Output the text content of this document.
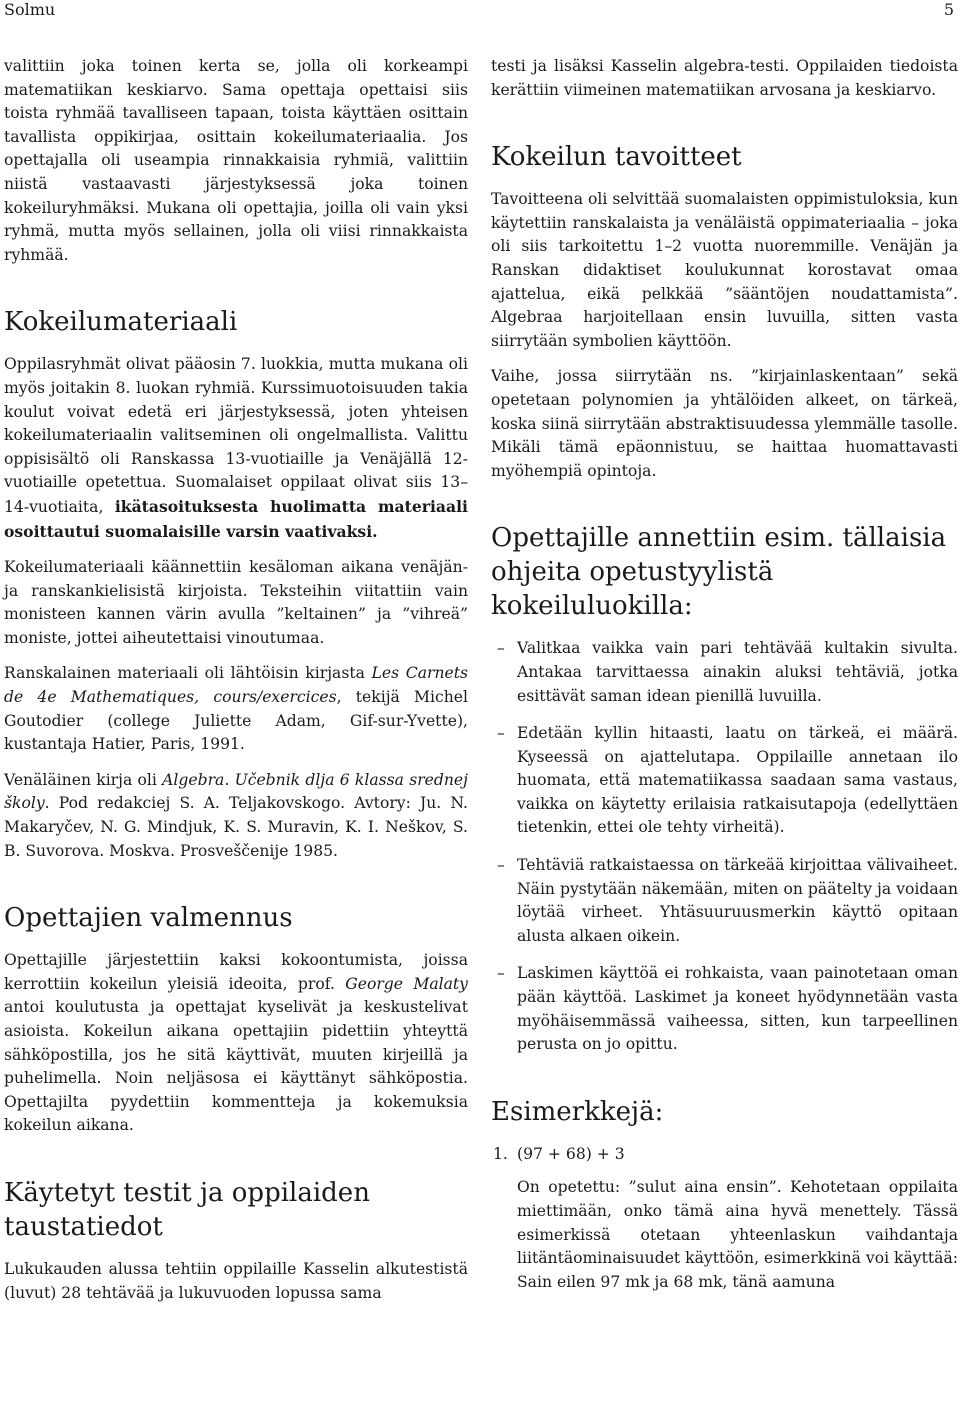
Solmu	5

valittiin joka toinen kerta se, jolla oli korkeampi matematiikan keskiarvo. Sama opettaja opettaisi siis toista ryhmää tavalliseen tapaan, toista käyttäen osittain tavallista oppikirjaa, osittain kokeilumateriaalia. Jos opettajalla oli useampia rinnakkaisia ryhmiä, valittiin niistä vastaavasti järjestyksessä joka toinen kokeiluryhmäksi. Mukana oli opettajia, joilla oli vain yksi ryhmä, mutta myös sellainen, jolla oli viisi rinnakkaista ryhmää.

Kokeilumateriaali

Oppilasryhmät olivat pääosin 7. luokkia, mutta mukana oli myös joitakin 8. luokan ryhmiä. Kurssimuotoisuuden takia koulut voivat edetä eri järjestyksessä, joten yhteisen kokeilumateriaalin valitseminen oli ongelmallista. Valittu oppisisältö oli Ranskassa 13-vuotiaille ja Venäjällä 12-vuotiaille opetettua. Suomalaiset oppilaat olivat siis 13–14-vuotiaita, ikätasoituksesta huolimatta materiaali osoittautui suomalaisille varsin vaativaksi.

Kokeilumateriaali käännettiin kesäloman aikana venäjän- ja ranskankielisistä kirjoista. Teksteihin viitattiin vain monisteen kannen värin avulla ”keltainen” ja ”vihreä” moniste, jottei aiheutettaisi vinoutumaa.

Ranskalainen materiaali oli lähtöisin kirjasta Les Carnets de 4e Mathematiques, cours/exercices, tekijä Michel Goutodier (college Juliette Adam, Gif-sur-Yvette), kustantaja Hatier, Paris, 1991.

Venäläinen kirja oli Algebra. Učebnik dlja 6 klassa srednej školy. Pod redakciej S. A. Teljakovskogo. Avtory: Ju. N. Makaryčev, N. G. Mindjuk, K. S. Muravin, K. I. Neškov, S. B. Suvorova. Moskva. Prosveščenije 1985.

Opettajien valmennus

Opettajille järjestettiin kaksi kokoontumista, joissa kerrottiin kokeilun yleisiä ideoita, prof. George Malaty antoi koulutusta ja opettajat kyselivät ja keskustelivat asioista. Kokeilun aikana opettajiin pidettiin yhteyttä sähköpostilla, jos he sitä käyttivät, muuten kirjeillä ja puhelimella. Noin neljäsosa ei käyttänyt sähköpostia. Opettajilta pyydettiin kommentteja ja kokemuksia kokeilun aikana.

Käytetyt testit ja oppilaiden taustatiedot

Lukukauden alussa tehtiin oppilaille Kasselin alkutestistä (luvut) 28 tehtävää ja lukuvuoden lopussa sama

testi ja lisäksi Kasselin algebra-testi. Oppilaiden tiedoista kerättiin viimeinen matematiikan arvosana ja keskiarvo.

Kokeilun tavoitteet

Tavoitteena oli selvittää suomalaisten oppimistuloksia, kun käytettiin ranskalaista ja venäläistä oppimateriaalia – joka oli siis tarkoitettu 1–2 vuotta nuoremmille. Venäjän ja Ranskan didaktiset koulukunnat korostavat omaa ajattelua, eikä pelkkää ”sääntöjen noudattamista”. Algebraa harjoitellaan ensin luvuilla, sitten vasta siirrytään symbolien käyttöön.

Vaihe, jossa siirrytään ns. ”kirjainlaskentaan” sekä opetetaan polynomien ja yhtälöiden alkeet, on tärkeä, koska siinä siirrytään abstraktisuudessa ylemmälle tasolle. Mikäli tämä epäonnistuu, se haittaa huomattavasti myöhempiä opintoja.

Opettajille annettiin esim. tällaisia ohjeita opetustyylistä kokeiluluokilla:
– Valitkaa vaikka vain pari tehtävää kultakin sivulta. Antakaa tarvittaessa ainakin aluksi tehtäviä, jotka esittävät saman idean pienillä luvuilla.
– Edetään kyllin hitaasti, laatu on tärkeä, ei määrä. Kyseessä on ajattelutapa. Oppilaille annetaan ilo huomata, että matematiikassa saadaan sama vastaus, vaikka on käytetty erilaisia ratkaisutapoja (edellyttäen tietenkin, ettei ole tehty virheitä).
– Tehtäviä ratkaistaessa on tärkeää kirjoittaa välivaiheet. Näin pystytään näkemään, miten on päätelty ja voidaan löytää virheet. Yhtäsuuruusmerkin käyttö opitaan alusta alkaen oikein.
– Laskimen käyttöä ei rohkaista, vaan painotetaan oman pään käyttöä. Laskimet ja koneet hyödynnetään vasta myöhäisemmässä vaiheessa, sitten, kun tarpeellinen perusta on jo opittu.
Esimerkkejä:
1. (97 + 68) + 3
On opetettu: ”sulut aina ensin”. Kehotetaan oppilaita miettimään, onko tämä aina hyvä menettely. Tässä esimerkissä otetaan yhteenlaskun vaihdantaja liitäntäominaisuudet käyttöön, esimerkkinä voi käyttää: Sain eilen 97 mk ja 68 mk, tänä aamuna
